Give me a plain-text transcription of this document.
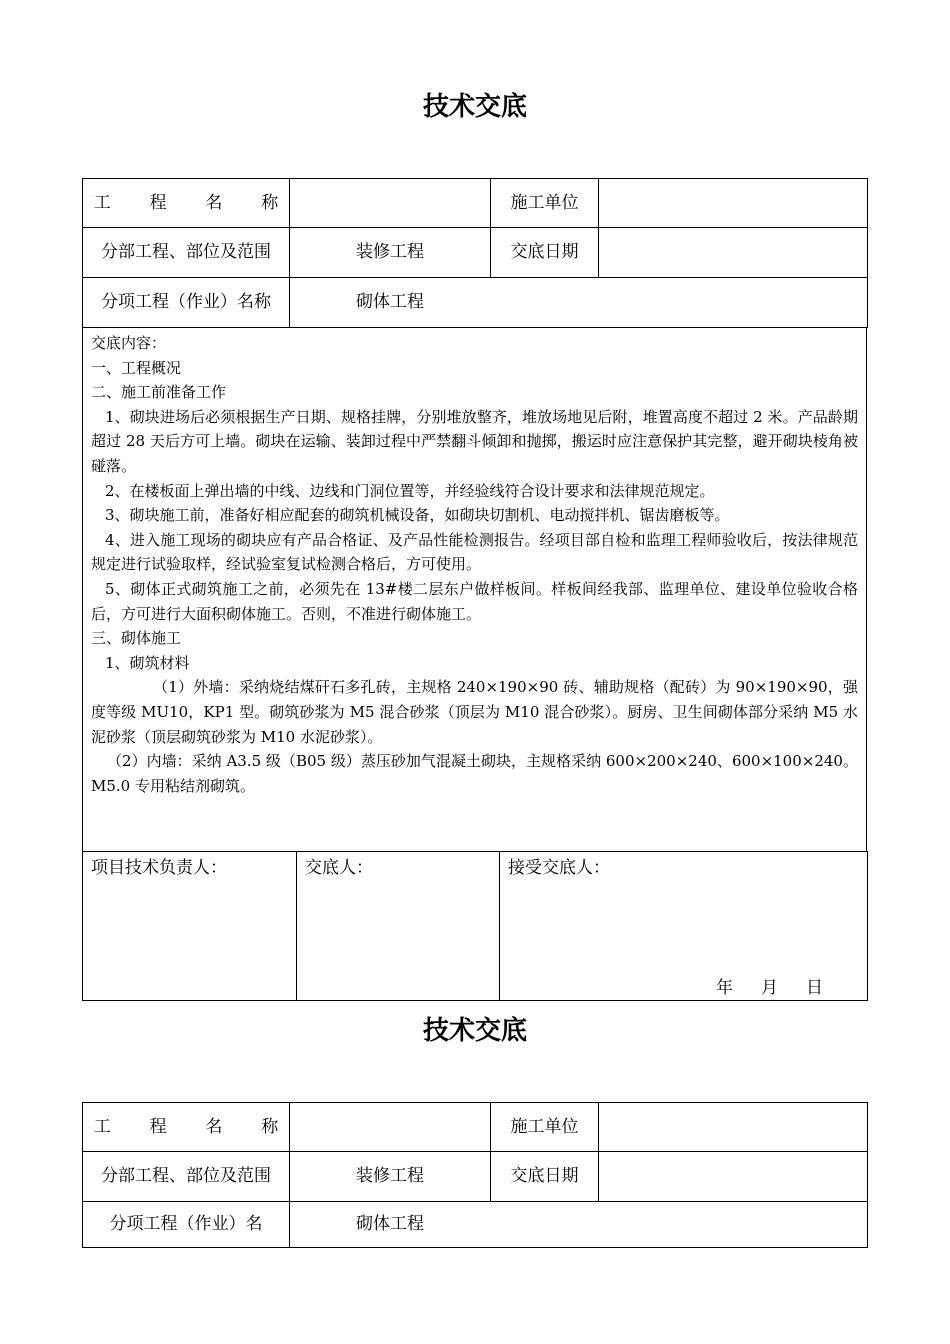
技术交底
工  程  名  称		施工单位	
分部工程、部位及范围	装修工程	交底日期	
分项工程（作业）名称	砌体工程		

交底内容：

一、工程概况

二、施工前准备工作

1、砌块进场后必须根据生产日期、规格挂牌，分别堆放整齐，堆放场地见后附，堆置高度不超过 2 米。产品龄期超过 28 天后方可上墙。砌块在运输、装卸过程中严禁翻斗倾卸和抛掷，搬运时应注意保护其完整，避开砌块棱角被碰落。

2、在楼板面上弹出墙的中线、边线和门洞位置等，并经验线符合设计要求和法律规范规定。

3、砌块施工前，准备好相应配套的砌筑机械设备，如砌块切割机、电动搅拌机、锯齿磨板等。

4、进入施工现场的砌块应有产品合格证、及产品性能检测报告。经项目部自检和监理工程师验收后，按法律规范规定进行试验取样，经试验室复试检测合格后，方可使用。

5、砌体正式砌筑施工之前，必须先在 13#楼二层东户做样板间。样板间经我部、监理单位、建设单位验收合格后，方可进行大面积砌体施工。否则，不准进行砌体施工。

三、砌体施工

1、砌筑材料

（1）外墙：采纳烧结煤矸石多孔砖，主规格 240×190×90 砖、辅助规格（配砖）为 90×190×90，强度等级 MU10，KP1 型。砌筑砂浆为 M5 混合砂浆（顶层为 M10 混合砂浆）。厨房、卫生间砌体部分采纳 M5 水泥砂浆（顶层砌筑砂浆为 M10 水泥砂浆）。

（2）内墙：采纳 A3.5 级（B05 级）蒸压砂加气混凝土砌块，主规格采纳 600×200×240、600×100×240。M5.0 专用粘结剂砌筑。

项目技术负责人：	交底人：	接受交底人：
年 月 日
技术交底
工  程  名  称		施工单位	
分部工程、部位及范围	装修工程	交底日期	
分项工程（作业）名	砌体工程		
